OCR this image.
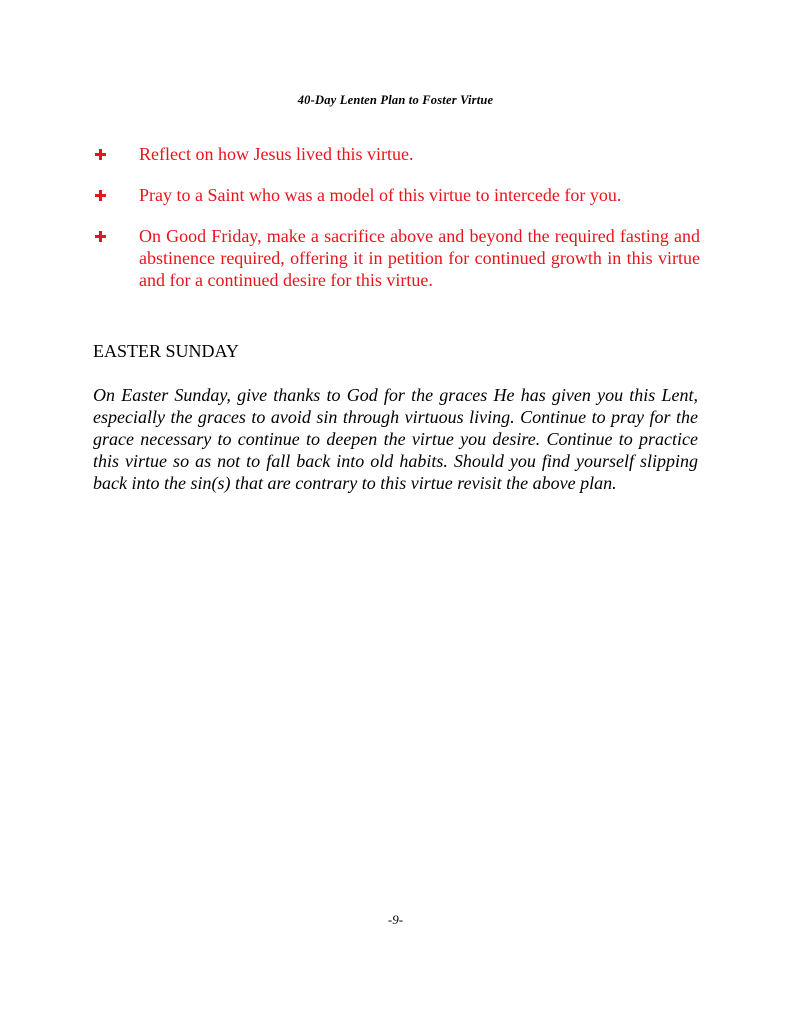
40-Day Lenten Plan to Foster Virtue
Reflect on how Jesus lived this virtue.
Pray to a Saint who was a model of this virtue to intercede for you.
On Good Friday, make a sacrifice above and beyond the required fasting and abstinence required, offering it in petition for continued growth in this virtue and for a continued desire for this virtue.
EASTER SUNDAY
On Easter Sunday, give thanks to God for the graces He has given you this Lent, especially the graces to avoid sin through virtuous living. Continue to pray for the grace necessary to continue to deepen the virtue you desire. Continue to practice this virtue so as not to fall back into old habits. Should you find yourself slipping back into the sin(s) that are contrary to this virtue revisit the above plan.
-9-
